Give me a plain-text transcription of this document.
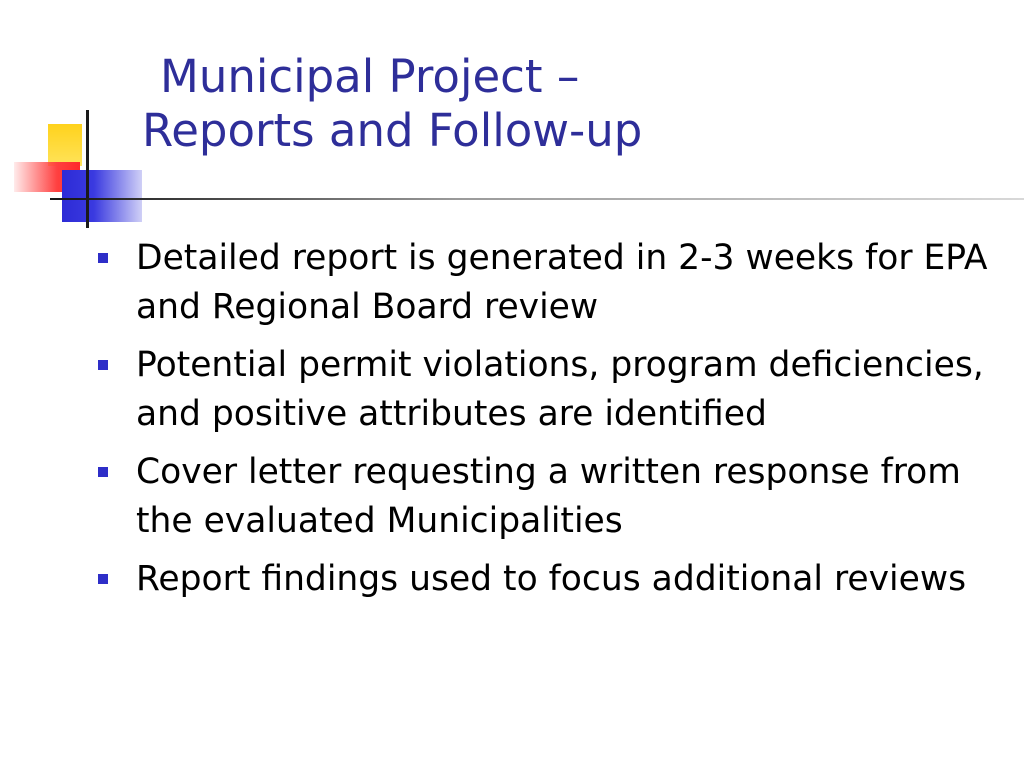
Municipal Project –
Reports and Follow-up
Detailed report is generated in 2-3 weeks for EPA and Regional Board review
Potential permit violations, program deficiencies, and positive attributes are identified
Cover letter requesting a written response from the evaluated Municipalities
Report findings used to focus additional reviews
